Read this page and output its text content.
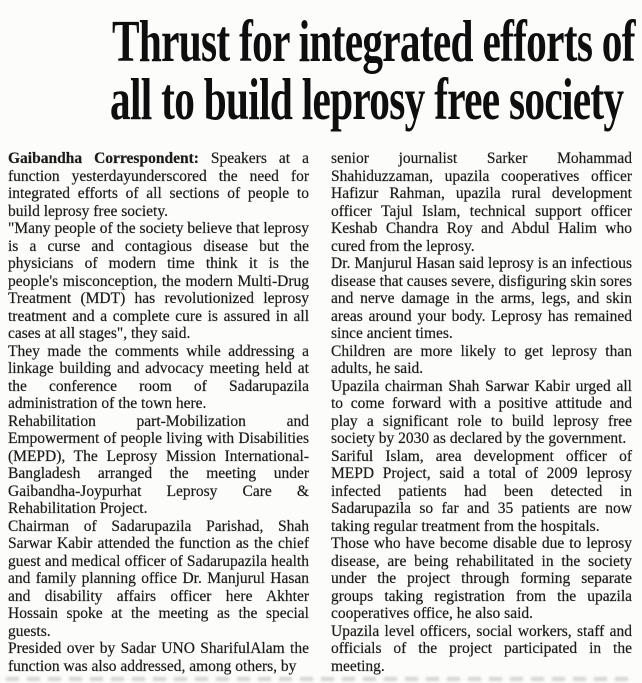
Thrust for integrated efforts of
all to build leprosy free society

Gaibandha Correspondent: Speakers at a function yesterdayunderscored the need for integrated efforts of all sections of people to build leprosy free society.

"Many people of the society believe that leprosy is a curse and contagious disease but the physicians of modern time think it is the people's misconception, the modern Multi-Drug Treatment (MDT) has revolutionized leprosy treatment and a complete cure is assured in all cases at all stages", they said.

They made the comments while addressing a linkage building and advocacy meeting held at the conference room of Sadarupazila administration of the town here.

Rehabilitation part-Mobilization and Empowerment of people living with Disabilities (MEPD), The Leprosy Mission International-Bangladesh arranged the meeting under Gaibandha-Joypurhat Leprosy Care & Rehabilitation Project.

Chairman of Sadarupazila Parishad, Shah Sarwar Kabir attended the function as the chief guest and medical officer of Sadarupazila health and family planning office Dr. Manjurul Hasan and disability affairs officer here Akhter Hossain spoke at the meeting as the special guests.

Presided over by Sadar UNO SharifulAlam the function was also addressed, among others, by

senior journalist Sarker Mohammad Shahiduzzaman, upazila cooperatives officer Hafizur Rahman, upazila rural development officer Tajul Islam, technical support officer Keshab Chandra Roy and Abdul Halim who cured from the leprosy.

Dr. Manjurul Hasan said leprosy is an infectious disease that causes severe, disfiguring skin sores and nerve damage in the arms, legs, and skin areas around your body. Leprosy has remained since ancient times.

Children are more likely to get leprosy than adults, he said.

Upazila chairman Shah Sarwar Kabir urged all to come forward with a positive attitude and play a significant role to build leprosy free society by 2030 as declared by the government.

Sariful Islam, area development officer of MEPD Project, said a total of 2009 leprosy infected patients had been detected in Sadarupazila so far and 35 patients are now taking regular treatment from the hospitals.

Those who have become disable due to leprosy disease, are being rehabilitated in the society under the project through forming separate groups taking registration from the upazila cooperatives office, he also said.

Upazila level officers, social workers, staff and officials of the project participated in the meeting.
